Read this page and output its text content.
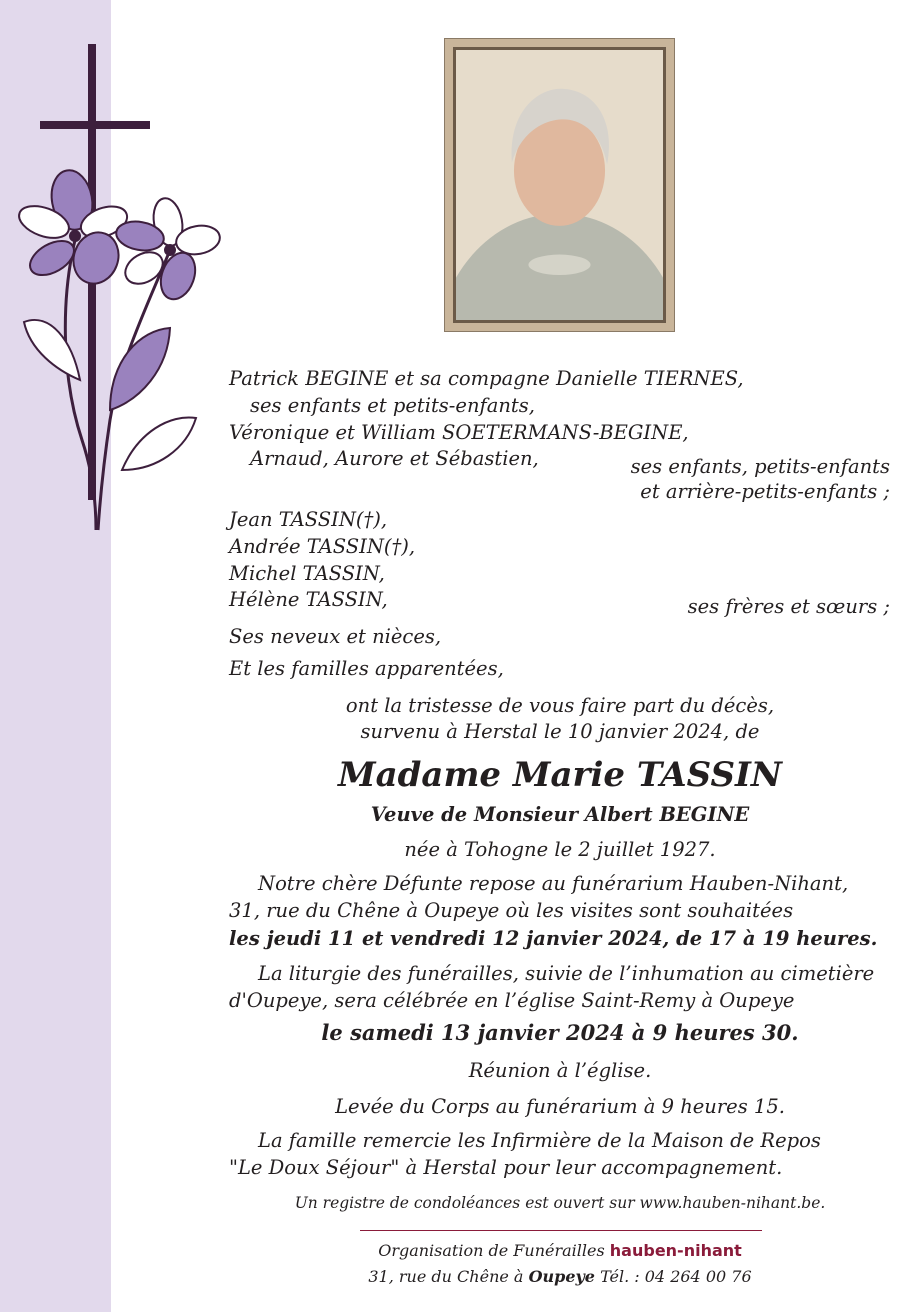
Patrick BEGINE et sa compagne Danielle TIERNES,
ses enfants et petits-enfants,
Véronique et William SOETERMANS-BEGINE,
Arnaud, Aurore et Sébastien,	ses enfants, petits-enfants
et arrière-petits-enfants ;
Jean TASSIN(†),
Andrée TASSIN(†),
Michel TASSIN,
Hélène TASSIN,	ses frères et sœurs ;
Ses neveux et nièces,
Et les familles apparentées,
ont la tristesse de vous faire part du décès,
survenu à Herstal le 10 janvier 2024, de
Madame Marie TASSIN
Veuve de Monsieur Albert BEGINE
née à Tohogne le 2 juillet 1927.
Notre chère Défunte repose au funérarium Hauben-Nihant,
31, rue du Chêne à Oupeye où les visites sont souhaitées
les jeudi 11 et vendredi 12 janvier 2024, de 17 à 19 heures.
La liturgie des funérailles, suivie de l’inhumation au cimetière
d'Oupeye, sera célébrée en l’église Saint-Remy à Oupeye
le samedi 13 janvier 2024 à 9 heures 30.
Réunion à l’église.
Levée du Corps au funérarium à 9 heures 15.
La famille remercie les Infirmière de la Maison de Repos
"Le Doux Séjour" à Herstal pour leur accompagnement.
Un registre de condoléances est ouvert sur www.hauben-nihant.be.
Organisation de Funérailles hauben-nihant
31, rue du Chêne à Oupeye Tél. : 04 264 00 76
